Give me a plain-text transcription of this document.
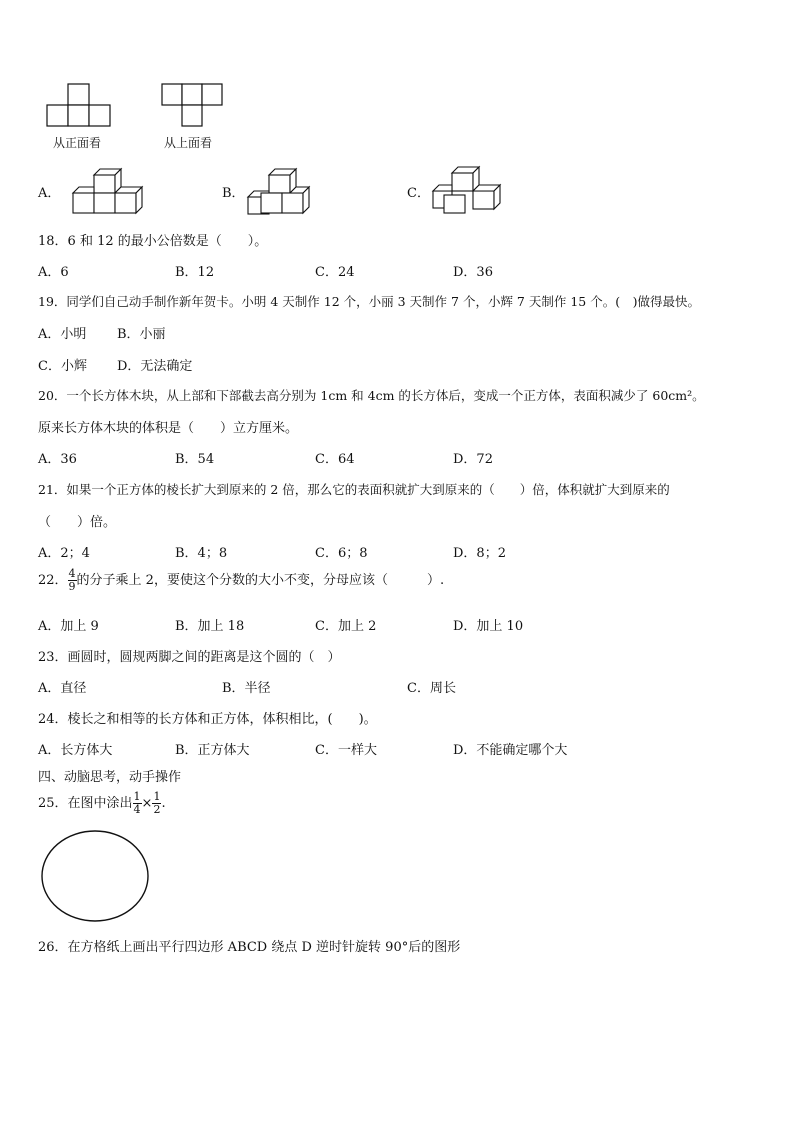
从正面看	从上面看
A．	B．	C．
18．6 和 12 的最小公倍数是（　　）。
A．6	B．12	C．24	D．36
19．同学们自己动手制作新年贺卡。小明 4 天制作 12 个，小丽 3 天制作 7 个，小辉 7 天制作 15 个。(　)做得最快。
A．小明 B．小丽
C．小辉 D．无法确定
20．一个长方体木块，从上部和下部截去高分别为 1cm 和 4cm 的长方体后，变成一个正方体，表面积减少了 60cm²。
原来长方体木块的体积是（　　）立方厘米。
A．36	B．54	C．64	D．72
21．如果一个正方体的棱长扩大到原来的 2 倍，那么它的表面积就扩大到原来的（　　）倍，体积就扩大到原来的
（　　）倍。
A．2；4	B．4；8	C．6；8	D．8；2
22． $\frac{4}{9}$ 的分子乘上 2，要使这个分数的大小不变，分母应该（　　　）.
A．加上 9	B．加上 18	C．加上 2	D．加上 10
23．画圆时，圆规两脚之间的距离是这个圆的（　）
A．直径	B．半径	C．周长
24．棱长之和相等的长方体和正方体，体积相比，(　　)。
A．长方体大	B．正方体大	C．一样大	D．不能确定哪个大
四、动脑思考，动手操作
25．在图中涂出 $\frac{1}{4} \times \frac{1}{2}$ .
26．在方格纸上画出平行四边形 ABCD 绕点 D 逆时针旋转 90°后的图形
